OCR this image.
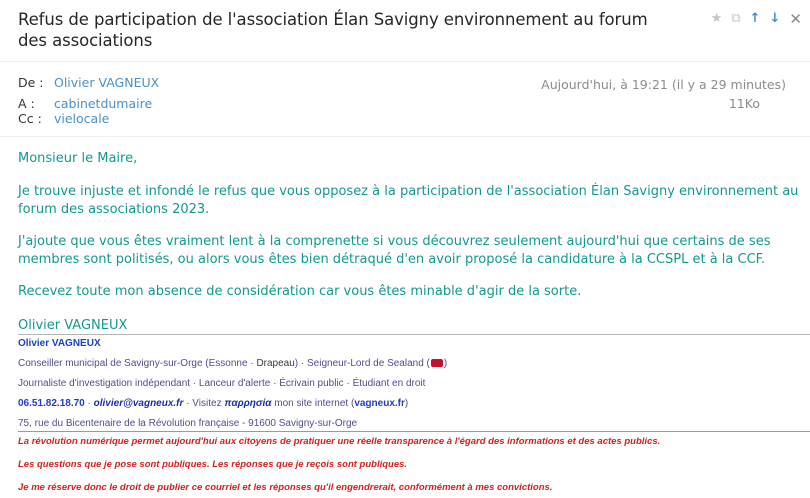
Refus de participation de l'association Élan Savigny environnement au forum des associations
★ ⧉ ↑ ↓ ✕
De : Olivier VAGNEUX
A : cabinetdumaire
Cc : vielocale
Aujourd'hui, à 19:21 (il y a 29 minutes)
11Ko
Monsieur le Maire,
Je trouve injuste et infondé le refus que vous opposez à la participation de l'association Élan Savigny environnement au forum des associations 2023.
J'ajoute que vous êtes vraiment lent à la comprenette si vous découvrez seulement aujourd'hui que certains de ses membres sont politisés, ou alors vous êtes bien détraqué d'en avoir proposé la candidature à la CCSPL et à la CCF.
Recevez toute mon absence de considération car vous êtes minable d'agir de la sorte.
Olivier VAGNEUX
Olivier VAGNEUX
Conseiller municipal de Savigny-sur-Orge (Essonne · Drapeau) · Seigneur-Lord de Sealand ( )
Journaliste d'investigation indépendant · Lanceur d'alerte · Écrivain public · Étudiant en droit
06.51.82.18.70 · olivier@vagneux.fr · Visitez παρρησία mon site internet (vagneux.fr)
75, rue du Bicentenaire de la Révolution française - 91600 Savigny-sur-Orge
La révolution numérique permet aujourd'hui aux citoyens de pratiquer une réelle transparence à l'égard des informations et des actes publics.
Les questions que je pose sont publiques. Les réponses que je reçois sont publiques.
Je me réserve donc le droit de publier ce courriel et les réponses qu'il engendrerait, conformément à mes convictions.
